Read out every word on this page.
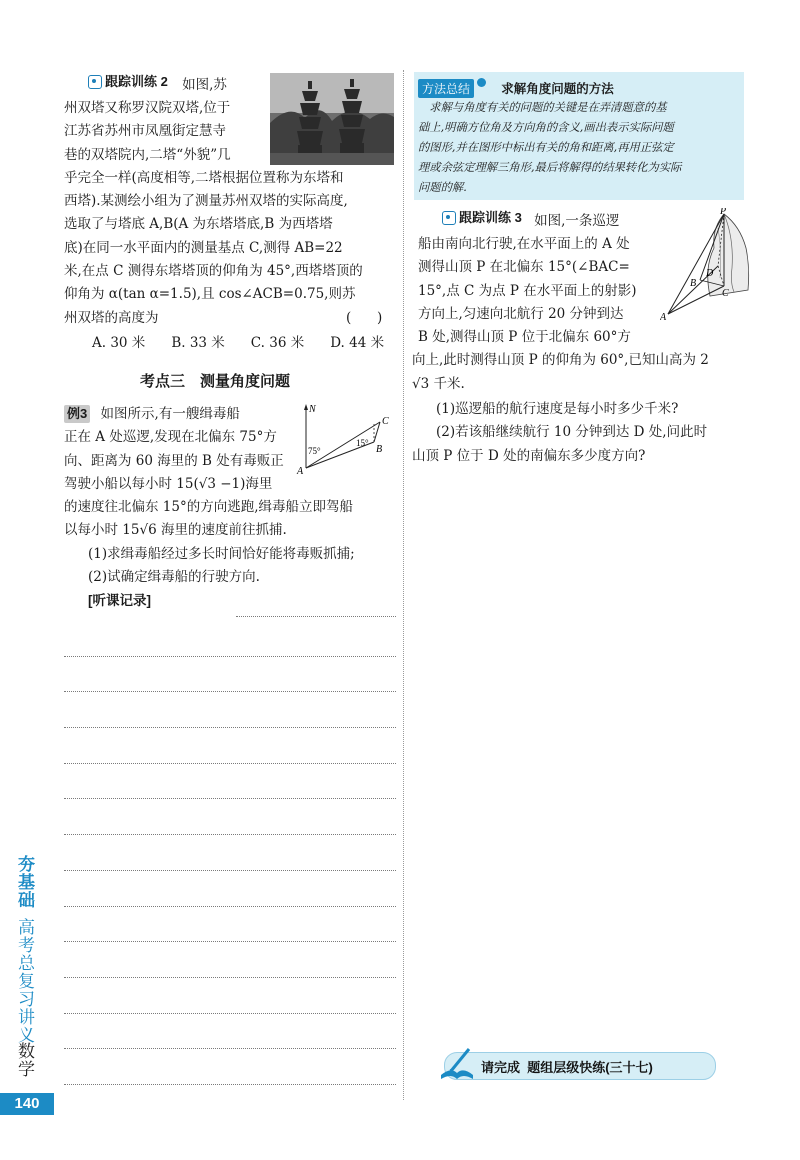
跟踪训练 2 如图,苏
州双塔又称罗汉院双塔,位于
江苏省苏州市凤凰街定慧寺
巷的双塔院内,二塔“外貌”几
乎完全一样(高度相等,二塔根据位置称为东塔和
西塔).某测绘小组为了测量苏州双塔的实际高度,
选取了与塔底 A,B(A 为东塔塔底,B 为西塔塔
底)在同一水平面内的测量基点 C,测得 AB=22
米,在点 C 测得东塔塔顶的仰角为 45°,西塔塔顶的
仰角为 α(tan α=1.5),且 cos∠ACB=0.75,则苏
州双塔的高度为	(      )
A. 30 米 B. 33 米 C. 36 米 D. 44 米
考点三　测量角度问题
例3 如图所示,有一艘缉毒船
正在 A 处巡逻,发现在北偏东 75°方
向、距离为 60 海里的 B 处有毒贩正
驾驶小船以每小时 15(√3 −1)海里
的速度往北偏东 15°的方向逃跑,缉毒船立即驾船
以每小时 15√6 海里的速度前往抓捕.
(1)求缉毒船经过多长时间恰好能将毒贩抓捕;
(2)试确定缉毒船的行驶方向.
[听课记录]
N
75°
15°
A
B
C
夯基础
高考总复习讲义
数学
140
方法总结 求解角度问题的方法
　求解与角度有关的问题的关键是在弄清题意的基
础上,明确方位角及方向角的含义,画出表示实际问题
的图形,并在图形中标出有关的角和距离,再用正弦定
理或余弦定理解三角形,最后将解得的结果转化为实际
问题的解.
跟踪训练 3 如图,一条巡逻
船由南向北行驶,在水平面上的 A 处
测得山顶 P 在北偏东 15°(∠BAC=
15°,点 C 为点 P 在水平面上的射影)
方向上,匀速向北航行 20 分钟到达
B 处,测得山顶 P 位于北偏东 60°方
向上,此时测得山顶 P 的仰角为 60°,已知山高为 2
√3 千米.
(1)巡逻船的航行速度是每小时多少千米?
(2)若该船继续航行 10 分钟到达 D 处,问此时
山顶 P 位于 D 处的南偏东多少度方向?
P
D
B
C
A
请完成  题组层级快练(三十七)
